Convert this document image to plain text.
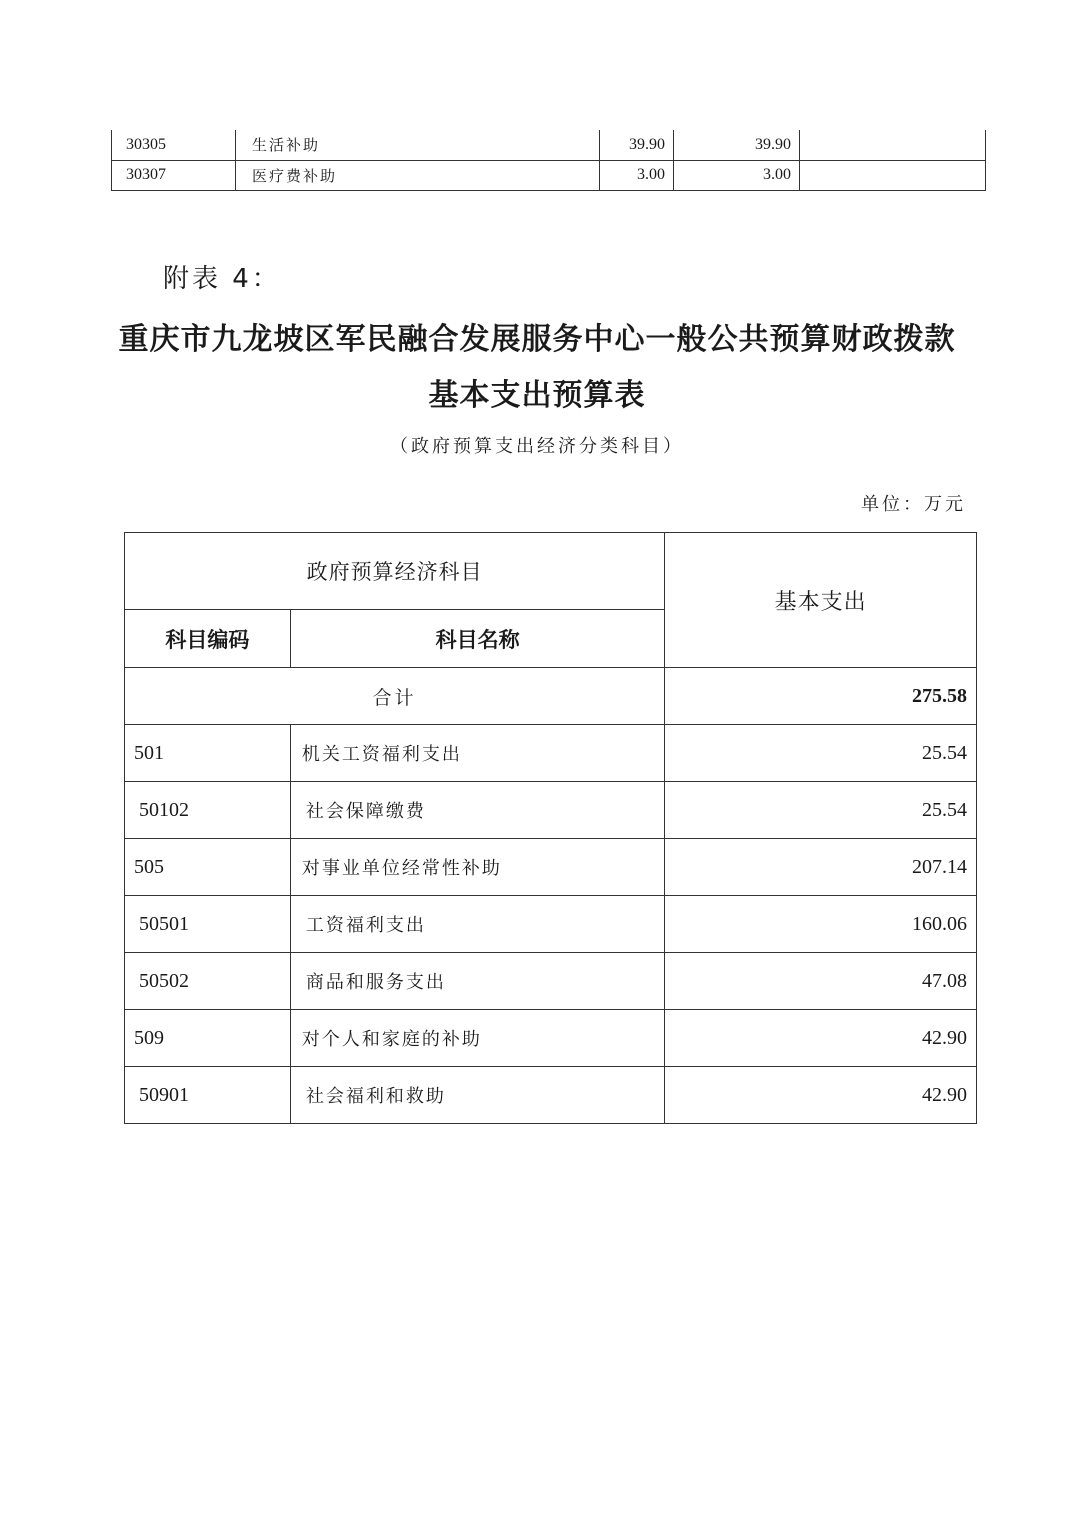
30305	生活补助	39.90	39.90	
30307	医疗费补助	3.00	3.00	
附表 4：
重庆市九龙坡区军民融合发展服务中心一般公共预算财政拨款
基本支出预算表
（政府预算支出经济分类科目）
单位：万元
政府预算经济科目		基本支出
科目编码	科目名称	
合计		275.58
501	机关工资福利支出	25.54
50102	社会保障缴费	25.54
505	对事业单位经常性补助	207.14
50501	工资福利支出	160.06
50502	商品和服务支出	47.08
509	对个人和家庭的补助	42.90
50901	社会福利和救助	42.90
